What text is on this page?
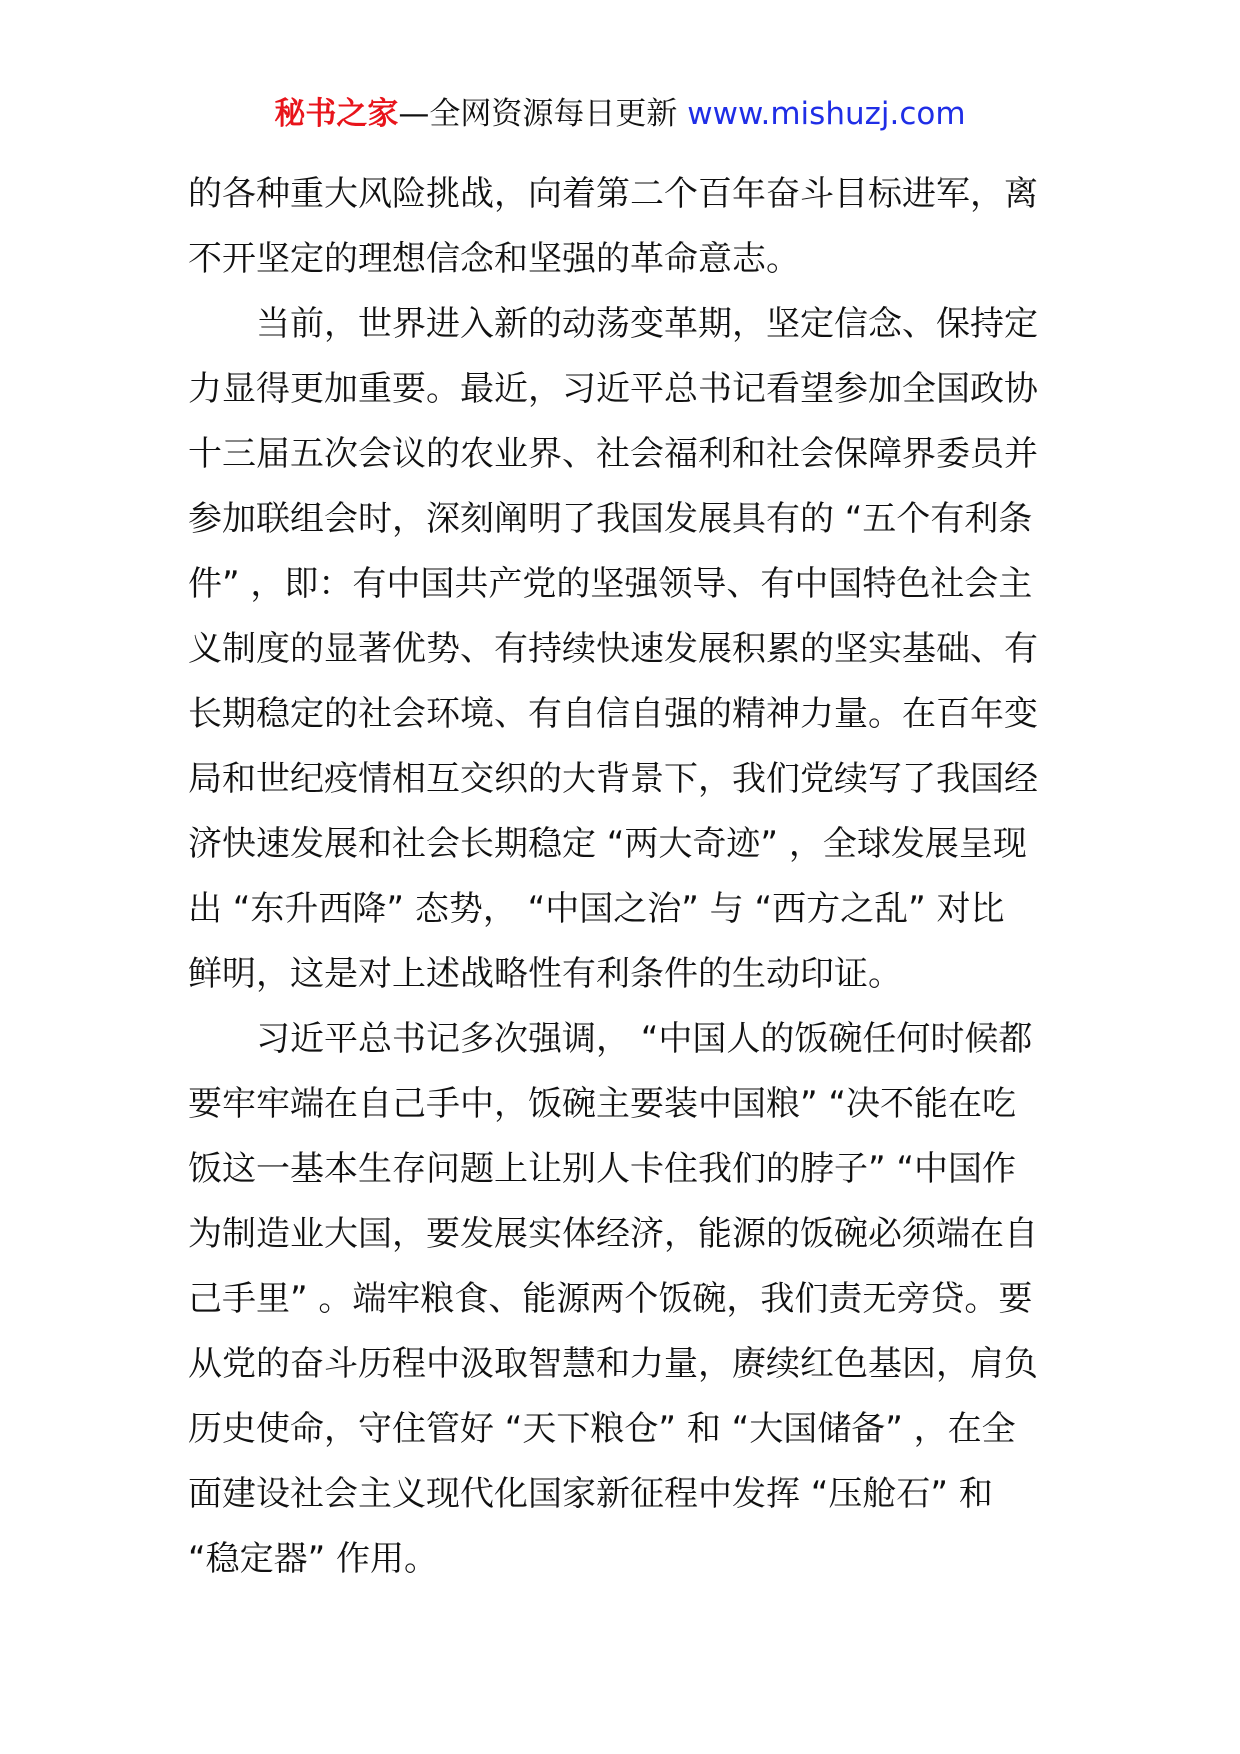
秘书之家—全网资源每日更新 www.mishuzj.com
的各种重大风险挑战，向着第二个百年奋斗目标进军，离
不开坚定的理想信念和坚强的革命意志。
　　当前，世界进入新的动荡变革期，坚定信念、保持定
力显得更加重要。最近，习近平总书记看望参加全国政协
十三届五次会议的农业界、社会福利和社会保障界委员并
参加联组会时，深刻阐明了我国发展具有的 “五个有利条
件” ，即：有中国共产党的坚强领导、有中国特色社会主
义制度的显著优势、有持续快速发展积累的坚实基础、有
长期稳定的社会环境、有自信自强的精神力量。在百年变
局和世纪疫情相互交织的大背景下，我们党续写了我国经
济快速发展和社会长期稳定 “两大奇迹” ，全球发展呈现
出 “东升西降” 态势， “中国之治” 与 “西方之乱” 对比
鲜明，这是对上述战略性有利条件的生动印证。
　　习近平总书记多次强调， “中国人的饭碗任何时候都
要牢牢端在自己手中，饭碗主要装中国粮” “决不能在吃
饭这一基本生存问题上让别人卡住我们的脖子” “中国作
为制造业大国，要发展实体经济，能源的饭碗必须端在自
己手里” 。端牢粮食、能源两个饭碗，我们责无旁贷。要
从党的奋斗历程中汲取智慧和力量，赓续红色基因，肩负
历史使命，守住管好 “天下粮仓” 和 “大国储备” ，在全
面建设社会主义现代化国家新征程中发挥 “压舱石” 和
“稳定器” 作用。
